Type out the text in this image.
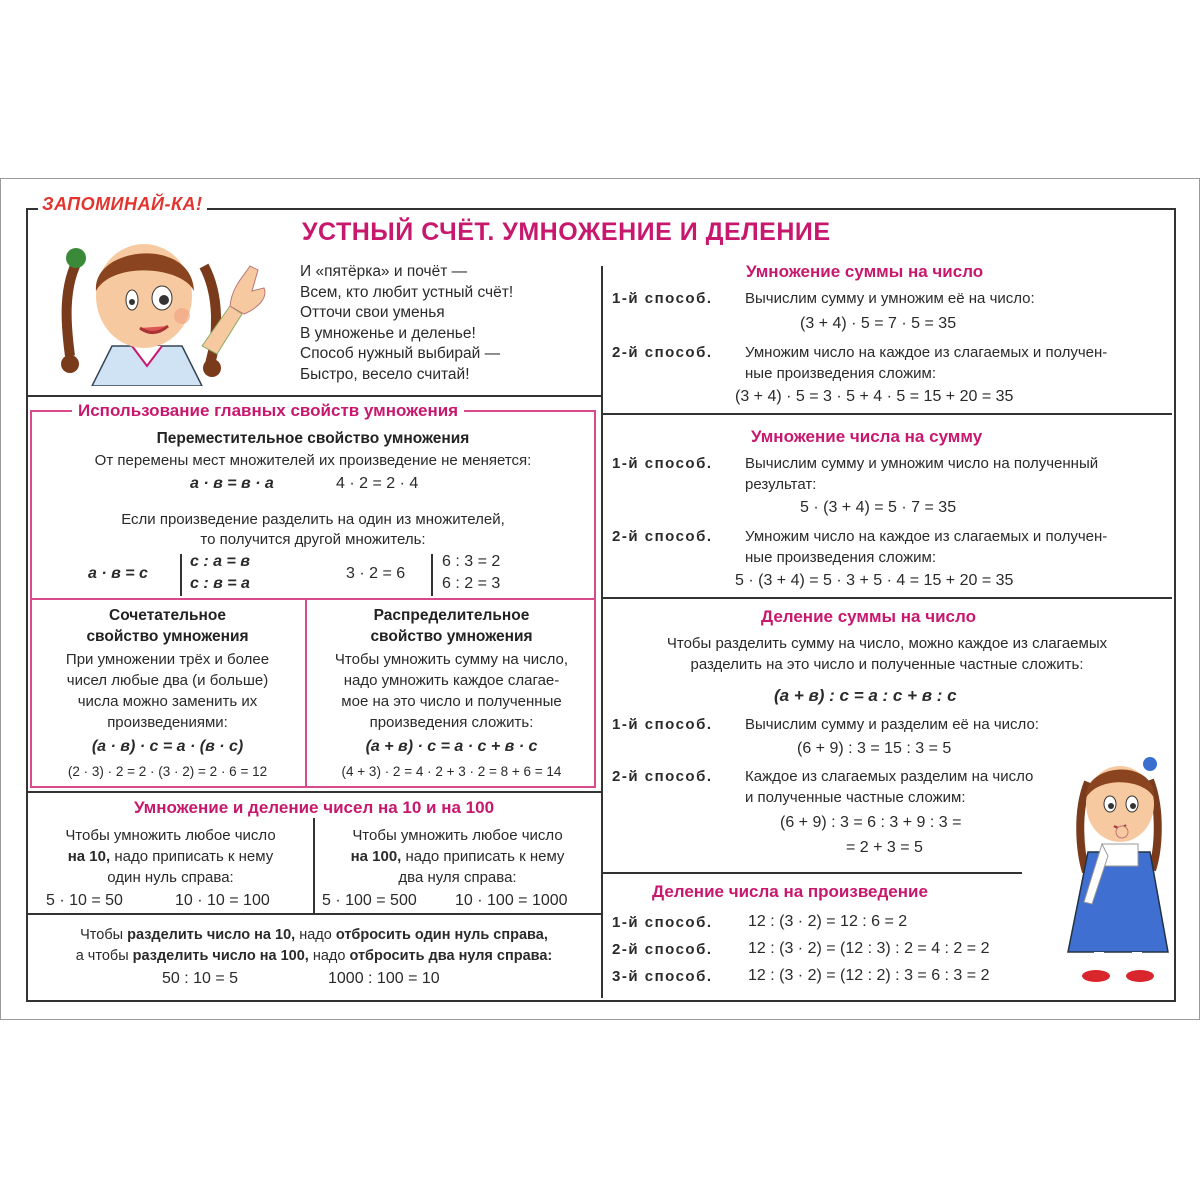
ЗАПОМИНАЙ-КА!
УСТНЫЙ СЧЁТ. УМНОЖЕНИЕ И ДЕЛЕНИЕ
И «пятёрка» и почёт —
Всем, кто любит устный счёт!
Отточи свои уменья
В умноженье и деленье!
Способ нужный выбирай —
Быстро, весело считай!
Использование главных свойств умножения
Переместительное свойство умножения
От перемены мест множителей их произведение не меняется:
а · в = в · а	4 · 2 = 2 · 4
Если произведение разделить на один из множителей,
то получится другой множитель:
а · в = с
с : а = в
с : в = а
3 · 2 = 6
6 : 3 = 2
6 : 2 = 3
Сочетательное
свойство умножения
При умножении трёх и более
чисел любые два (и больше)
числа можно заменить их
произведениями:
(а · в) · с = а · (в · с)
(2 · 3) · 2 = 2 · (3 · 2) = 2 · 6 = 12
Распределительное
свойство умножения
Чтобы умножить сумму на число,
надо умножить каждое слагае-
мое на это число и полученные
произведения сложить:
(а + в) · с = а · с + в · с
(4 + 3) · 2 = 4 · 2 + 3 · 2 = 8 + 6 = 14
Умножение и деление чисел на 10 и на 100
Чтобы умножить любое число
на 10, надо приписать к нему
один нуль справа:
5 · 10 = 50	10 · 10 = 100
Чтобы умножить любое число
на 100, надо приписать к нему
два нуля справа:
5 · 100 = 500 10 · 100 = 1000
Чтобы разделить число на 10, надо отбросить один нуль справа,
а чтобы разделить число на 100, надо отбросить два нуля справа:
50 : 10 = 5	1000 : 100 = 10
Умножение суммы на число
1-й способ. Вычислим сумму и умножим её на число:
(3 + 4) · 5 = 7 · 5 = 35
2-й способ. Умножим число на каждое из слагаемых и получен-
ные произведения сложим:
(3 + 4) · 5 = 3 · 5 + 4 · 5 = 15 + 20 = 35
Умножение числа на сумму
1-й способ. Вычислим сумму и умножим число на полученный
результат:
5 · (3 + 4) = 5 · 7 = 35
2-й способ. Умножим число на каждое из слагаемых и получен-
ные произведения сложим:
5 · (3 + 4) = 5 · 3 + 5 · 4 = 15 + 20 = 35
Деление суммы на число
Чтобы разделить сумму на число, можно каждое из слагаемых
разделить на это число и полученные частные сложить:
(а + в) : с = а : с + в : с
1-й способ. Вычислим сумму и разделим её на число:
(6 + 9) : 3 = 15 : 3 = 5
2-й способ. Каждое из слагаемых разделим на число
и полученные частные сложим:
(6 + 9) : 3 = 6 : 3 + 9 : 3 =
= 2 + 3 = 5
Деление числа на произведение
1-й способ. 12 : (3 · 2) = 12 : 6 = 2
2-й способ. 12 : (3 · 2) = (12 : 3) : 2 = 4 : 2 = 2
3-й способ. 12 : (3 · 2) = (12 : 2) : 3 = 6 : 3 = 2
